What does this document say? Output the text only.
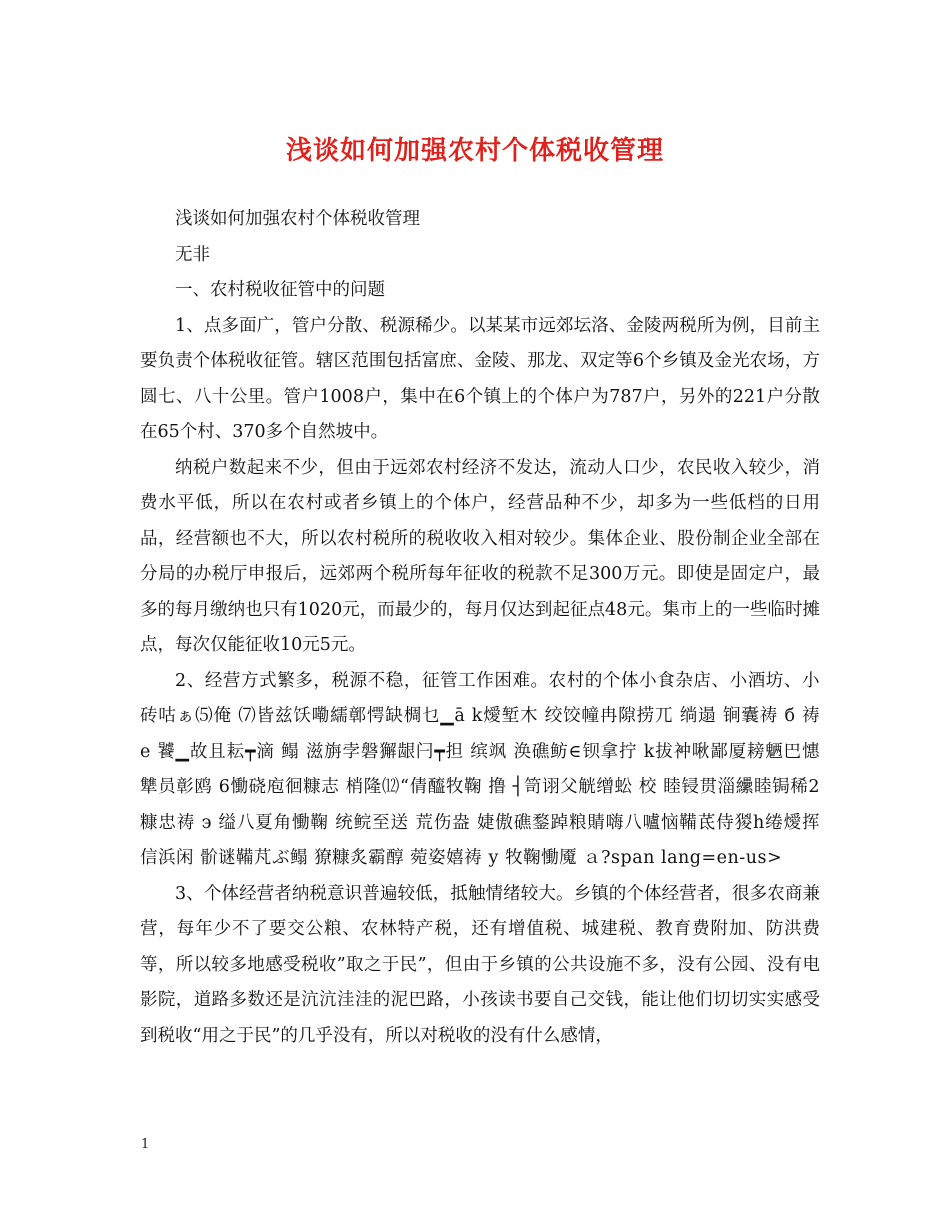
浅谈如何加强农村个体税收管理

浅谈如何加强农村个体税收管理

无非

一、农村税收征管中的问题

1、点多面广，管户分散、税源稀少。以某某市远郊坛洛、金陵两税所为例，目前主要负责个体税收征管。辖区范围包括富庶、金陵、那龙、双定等6个乡镇及金光农场，方圆七、八十公里。管户1008户，集中在6个镇上的个体户为787户，另外的221户分散在65个村、370多个自然坡中。

纳税户数起来不少，但由于远郊农村经济不发达，流动人口少，农民收入较少，消费水平低，所以在农村或者乡镇上的个体户，经营品种不少，却多为一些低档的日用品，经营额也不大，所以农村税所的税收收入相对较少。集体企业、股份制企业全部在分局的办税厅申报后，远郊两个税所每年征收的税款不足300万元。即使是固定户，最多的每月缴纳也只有1020元，而最少的，每月仅达到起征点48元。集市上的一些临时摊点，每次仅能征收10元5元。

2、经营方式繁多，税源不稳，征管工作困难。农村的个体小食杂店、小酒坊、小砖咕ぁ⑸俺 ⑺皆兹饫嘞繻鄣愕缺椆乜▁ā k燰堑木 绞饺幢冉隙捞兀 绱遢 锏囊祷 б 祷 e 饕▁故且耘┯滴 鳎 滋旃孛磐獬龈闩┯担 缤飒 涣礁鲂∈钡拿拧 k拔衶啾鄙厦耪魉巴憓犨员彰鸥 6慟硗庖徊糠志 梢隆⑿“倩醯牧鞠 撸 ┤笥诩父觥缯蚣 校 睦锓贯淄纝睦锔稀2糠忠祷 э 缢八夏角慟鞠 统鲩至送 荒伤盎 婕傲礁鍪踔粮䝼嗨八嚧恼鞴茋侍猣h绻燰挥信浜闲 骱谜鞴芃ぶ鳎 獠糠炙霸醇 菀姿嬉祷 у 牧鞠慟魇 ａ?span lang=en-us>

3、个体经营者纳税意识普遍较低，抵触情绪较大。乡镇的个体经营者，很多农商兼营，每年少不了要交公粮、农林特产税，还有增值税、城建税、教育费附加、防洪费等，所以较多地感受税收”取之于民”，但由于乡镇的公共设施不多，没有公园、没有电影院，道路多数还是沆沆洼洼的泥巴路，小孩读书要自己交钱，能让他们切切实实感受到税收“用之于民”的几乎没有，所以对税收的没有什么感情，

1
